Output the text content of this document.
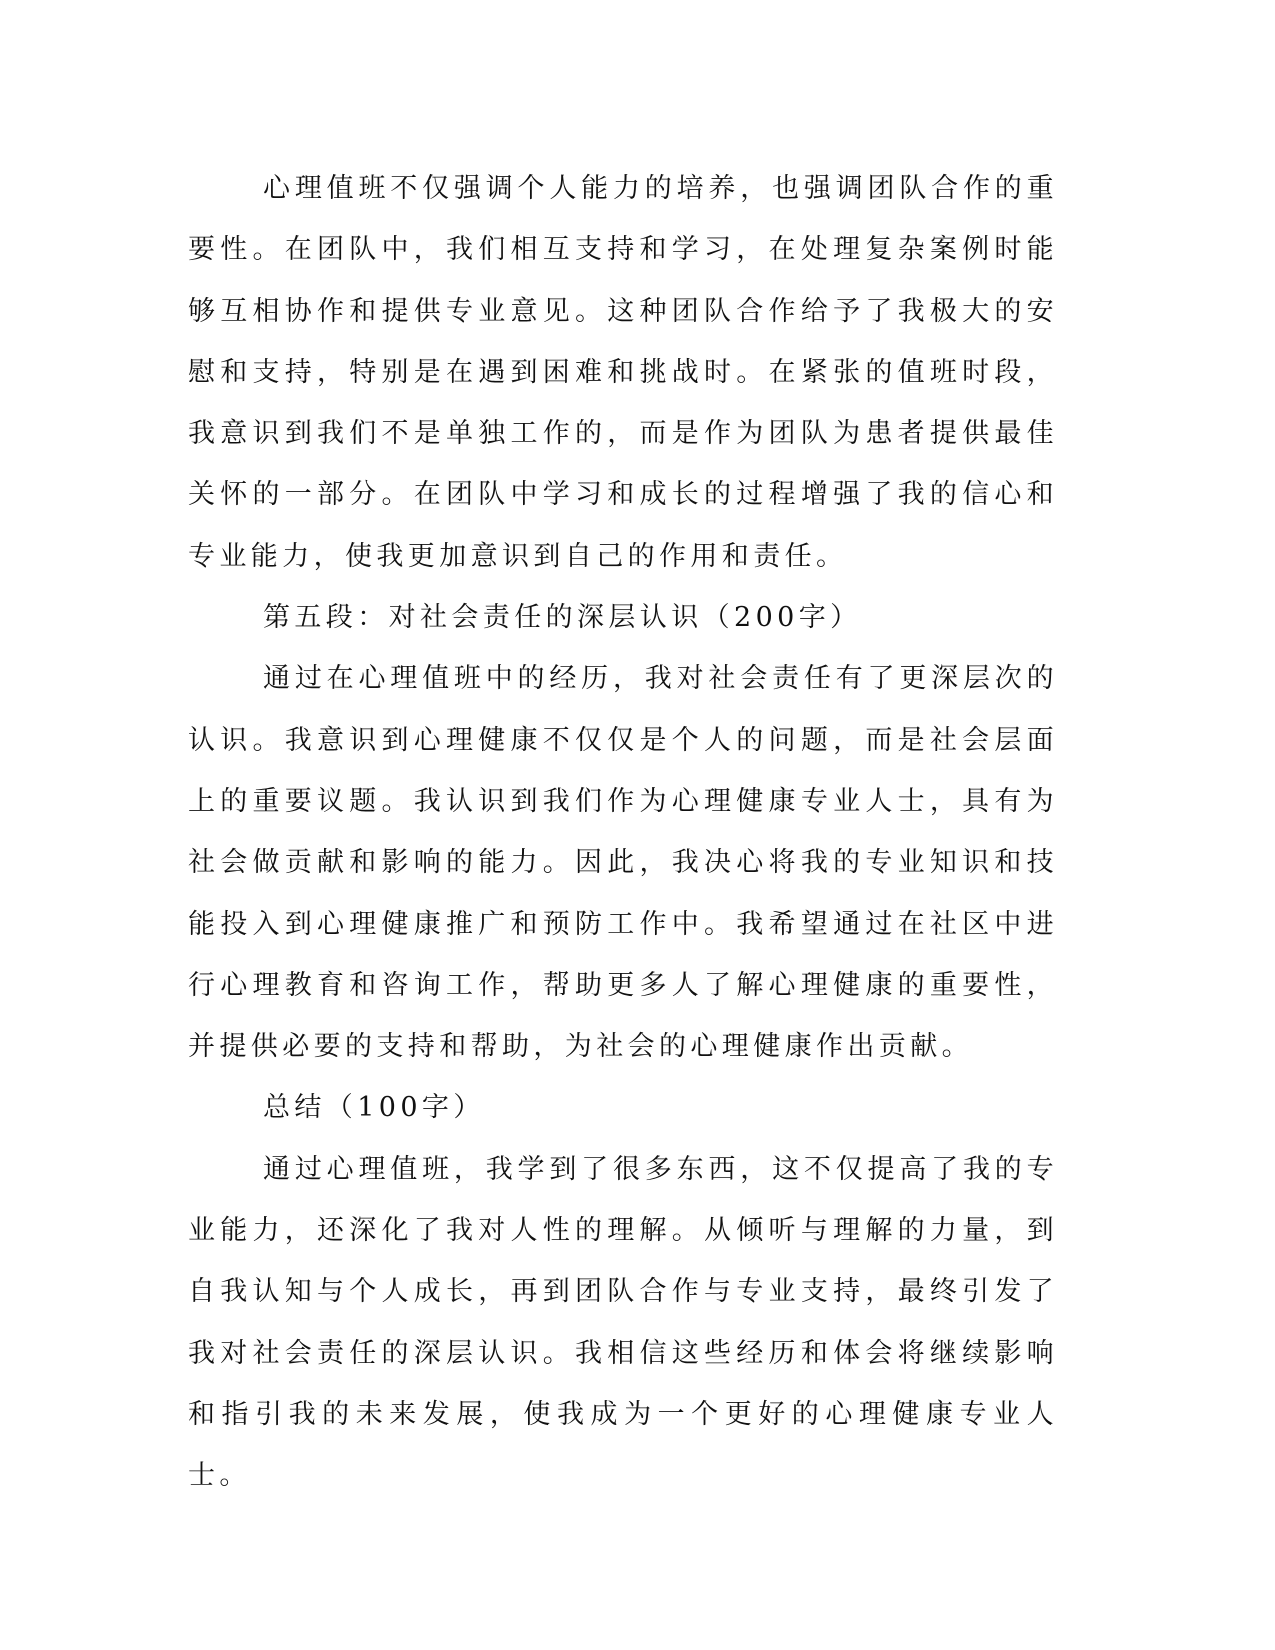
心理值班不仅强调个人能力的培养，也强调团队合作的重要性。在团队中，我们相互支持和学习，在处理复杂案例时能够互相协作和提供专业意见。这种团队合作给予了我极大的安慰和支持，特别是在遇到困难和挑战时。在紧张的值班时段，我意识到我们不是单独工作的，而是作为团队为患者提供最佳关怀的一部分。在团队中学习和成长的过程增强了我的信心和专业能力，使我更加意识到自己的作用和责任。

第五段：对社会责任的深层认识（200字）

通过在心理值班中的经历，我对社会责任有了更深层次的认识。我意识到心理健康不仅仅是个人的问题，而是社会层面上的重要议题。我认识到我们作为心理健康专业人士，具有为社会做贡献和影响的能力。因此，我决心将我的专业知识和技能投入到心理健康推广和预防工作中。我希望通过在社区中进行心理教育和咨询工作，帮助更多人了解心理健康的重要性，并提供必要的支持和帮助，为社会的心理健康作出贡献。

总结（100字）

通过心理值班，我学到了很多东西，这不仅提高了我的专业能力，还深化了我对人性的理解。从倾听与理解的力量，到自我认知与个人成长，再到团队合作与专业支持，最终引发了我对社会责任的深层认识。我相信这些经历和体会将继续影响和指引我的未来发展，使我成为一个更好的心理健康专业人士。
